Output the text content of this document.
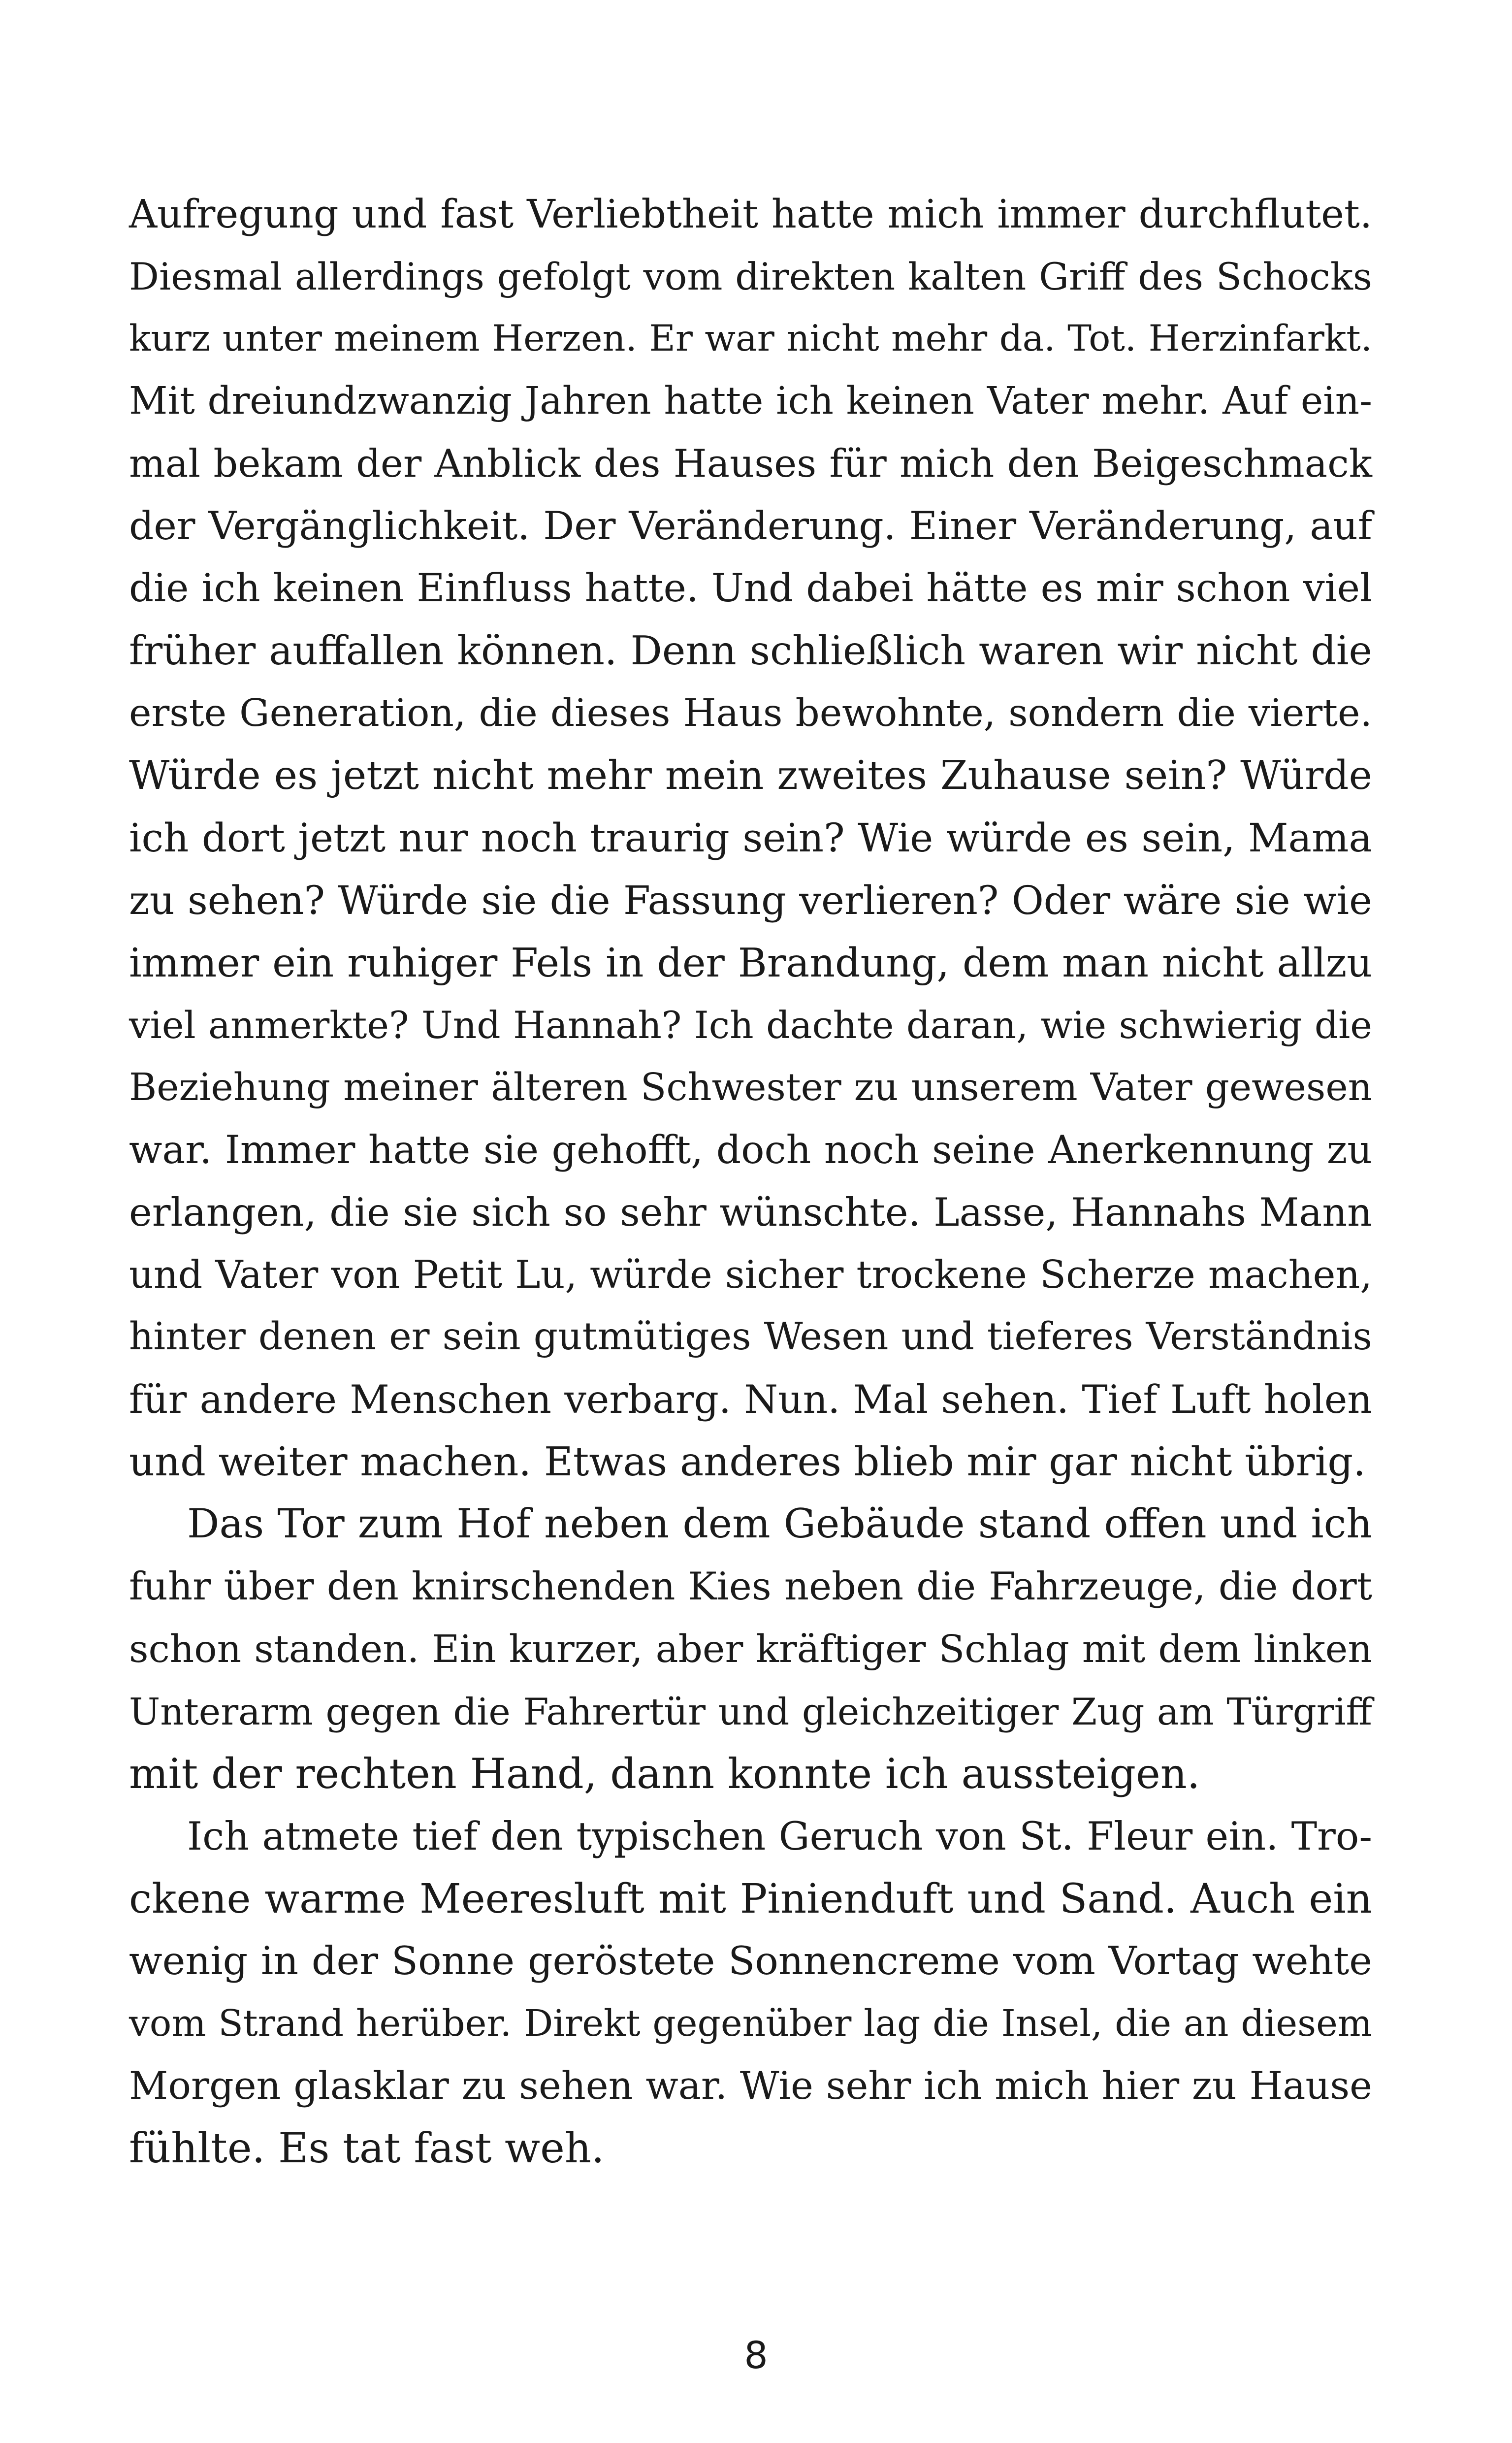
Aufregung und fast Verliebtheit hatte mich immer durchflutet.
Diesmal allerdings gefolgt vom direkten kalten Griff des Schocks
kurz unter meinem Herzen. Er war nicht mehr da. Tot. Herzinfarkt.
Mit dreiundzwanzig Jahren hatte ich keinen Vater mehr. Auf ein-
mal bekam der Anblick des Hauses für mich den Beigeschmack
der Vergänglichkeit. Der Veränderung. Einer Veränderung, auf
die ich keinen Einfluss hatte. Und dabei hätte es mir schon viel
früher auffallen können. Denn schließlich waren wir nicht die
erste Generation, die dieses Haus bewohnte, sondern die vierte.
Würde es jetzt nicht mehr mein zweites Zuhause sein? Würde
ich dort jetzt nur noch traurig sein? Wie würde es sein, Mama
zu sehen? Würde sie die Fassung verlieren? Oder wäre sie wie
immer ein ruhiger Fels in der Brandung, dem man nicht allzu
viel anmerkte? Und Hannah? Ich dachte daran, wie schwierig die
Beziehung meiner älteren Schwester zu unserem Vater gewesen
war. Immer hatte sie gehofft, doch noch seine Anerkennung zu
erlangen, die sie sich so sehr wünschte. Lasse, Hannahs Mann
und Vater von Petit Lu, würde sicher trockene Scherze machen,
hinter denen er sein gutmütiges Wesen und tieferes Verständnis
für andere Menschen verbarg. Nun. Mal sehen. Tief Luft holen
und weiter machen. Etwas anderes blieb mir gar nicht übrig.
Das Tor zum Hof neben dem Gebäude stand offen und ich
fuhr über den knirschenden Kies neben die Fahrzeuge, die dort
schon standen. Ein kurzer, aber kräftiger Schlag mit dem linken
Unterarm gegen die Fahrertür und gleichzeitiger Zug am Türgriff
mit der rechten Hand, dann konnte ich aussteigen.
Ich atmete tief den typischen Geruch von St. Fleur ein. Tro-
ckene warme Meeresluft mit Pinienduft und Sand. Auch ein
wenig in der Sonne geröstete Sonnencreme vom Vortag wehte
vom Strand herüber. Direkt gegenüber lag die Insel, die an diesem
Morgen glasklar zu sehen war. Wie sehr ich mich hier zu Hause
fühlte. Es tat fast weh.
8
